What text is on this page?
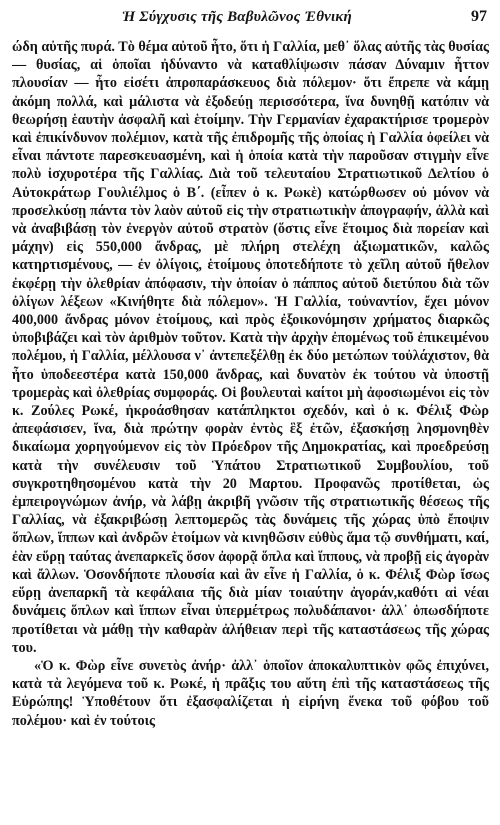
Ἡ Σύγχυσις τῆς Βαβυλῶνος Ἐθνική	97

ώδη αὐτῆς πυρά. Τὸ θέμα αὐτοῦ ἦτο, ὅτι ἡ Γαλλία, μεθ᾽ ὅλας αὐτῆς τὰς θυσίας — θυσίας, αἱ ὁποῖαι ἠδύναντο νὰ καταθλίψωσιν πάσαν Δύναμιν ἧττον πλουσίαν — ἦτο εἰσέτι ἀπροπαράσκευος διὰ πόλεμον· ὅτι ἔπρεπε νὰ κάμῃ ἀκόμη πολλά, καὶ μάλιστα νὰ ἐξοδεύῃ περισσότερα, ἵνα δυνηθῇ κατόπιν νὰ θεωρήσῃ ἑαυτὴν ἀσφαλῆ καὶ ἑτοίμην. Τὴν Γερμανίαν ἐχαρακτήρισε τρομερὸν καὶ ἐπικίνδυνον πολέμιον, κατὰ τῆς ἐπιδρομῆς τῆς ὁποίας ἡ Γαλλία ὀφείλει νὰ εἶναι πάντοτε παρεσκευασμένη, καὶ ἡ ὁποία κατὰ τὴν παροῦσαν στιγμὴν εἶνε πολὺ ἰσχυροτέρα τῆς Γαλλίας. Διὰ τοῦ τελευταίου Στρατιωτικοῦ Δελτίου ὁ Αὐτοκράτωρ Γουλιέλμος ὁ Β΄. (εἶπεν ὁ κ. Ρωκὲ) κατώρθωσεν οὐ μόνον νὰ προσελκύσῃ πάντα τὸν λαὸν αὐτοῦ εἰς τὴν στρατιωτικὴν ἀπογραφήν, ἀλλὰ καὶ νὰ ἀναβιβάσῃ τὸν ἐνεργὸν αὐτοῦ στρατὸν (ὅστις εἶνε ἕτοιμος διὰ πορείαν καὶ μάχην) εἰς 550,000 ἄνδρας, μὲ πλήρη στελέχη ἀξιωματικῶν, καλῶς κατηρτισμένους, — ἐν ὀλίγοις, ἑτοίμους ὁποτεδήποτε τὸ χεῖλη αὐτοῦ ἤθελον ἐκφέρῃ τὴν ὀλεθρίαν ἀπόφασιν, τὴν ὁποίαν ὁ πάππος αὐτοῦ διετύπου διὰ τῶν ὀλίγων λέξεων «Κινήθητε διὰ πόλεμον». Ἡ Γαλλία, τοὐναντίον, ἔχει μόνον 400,000 ἄνδρας μόνον ἑτοίμους, καὶ πρὸς ἐξοικονόμησιν χρήματος διαρκῶς ὑποβιβάζει καὶ τὸν ἀριθμὸν τοῦτον. Κατὰ τὴν ἀρχὴν ἐπομένως τοῦ ἐπικειμένου πολέμου, ἡ Γαλλία, μέλλουσα ν᾽ ἀντεπεξέλθῃ ἐκ δύο μετώπων τοὐλάχιστον, θὰ ἦτο ὑποδεεστέρα κατὰ 150,000 ἄνδρας, καὶ δυνατὸν ἐκ τούτου νὰ ὑποστῇ τρομερὰς καὶ ὀλεθρίας συμφοράς. Οἱ βουλευταὶ καίτοι μὴ ἀφοσιωμένοι εἰς τὸν κ. Ζούλες Ρωκέ, ἠκροάσθησαν κατάπληκτοι σχεδόν, καὶ ὁ κ. Φέλιξ Φὼρ ἀπεφάσισεν, ἵνα, διὰ πρώτην φορὰν ἐντὸς ἓξ ἐτῶν, ἐξασκήσῃ λησμονηθὲν δικαίωμα χορηγούμενον εἰς τὸν Πρόεδρον τῆς Δημοκρατίας, καὶ προεδρεύσῃ κατὰ τὴν συνέλευσιν τοῦ Ὑπάτου Στρατιωτικοῦ Συμβουλίου, τοῦ συγκροτηθησομένου κατὰ τὴν 20 Μαρτου. Προφανῶς προτίθεται, ὡς ἐμπειρογνώμων ἀνήρ, νὰ λάβῃ ἀκριβῆ γνῶσιν τῆς στρατιωτικῆς θέσεως τῆς Γαλλίας, νὰ ἐξακριβώσῃ λεπτομερῶς τὰς δυνάμεις τῆς χώρας ὑπὸ ἔποψιν ὅπλων, ἵππων καὶ ἀνδρῶν ἑτοίμων νὰ κινηθῶσιν εὐθὺς ἅμα τῷ συνθήματι, καί, ἐὰν εὕρῃ ταύτας ἀνεπαρκεῖς ὅσον ἀφορᾷ ὅπλα καὶ ἵππους, νὰ προβῇ εἰς ἀγορὰν καὶ ἄλλων. Ὁσονδήποτε πλουσία καὶ ἂν εἶνε ἡ Γαλλία, ὁ κ. Φέλιξ Φὼρ ἴσως εὕρῃ ἀνεπαρκῆ τὰ κεφάλαια τῆς διὰ μίαν τοιαύτην ἀγοράν,καθότι αἱ νέαι δυνάμεις ὅπλων καὶ ἵππων εἶναι ὑπερμέτρως πολυδάπανοι· ἀλλ᾽ ὁπωσδήποτε προτίθεται νὰ μάθῃ τὴν καθαρὰν ἀλήθειαν περὶ τῆς καταστάσεως τῆς χώρας του.

«Ὁ κ. Φὼρ εἶνε συνετὸς ἀνήρ· ἀλλ᾽ ὁποῖον ἀποκαλυπτικὸν φῶς ἐπιχύνει, κατὰ τὰ λεγόμενα τοῦ κ. Ρωκέ, ἡ πρᾶξις του αὕτη ἐπὶ τῆς καταστάσεως τῆς Εὐρώπης! Ὑποθέτουν ὅτι ἐξασφαλίζεται ἡ εἰρήνη ἕνεκα τοῦ φόβου τοῦ πολέμου· καὶ ἐν τούτοις
